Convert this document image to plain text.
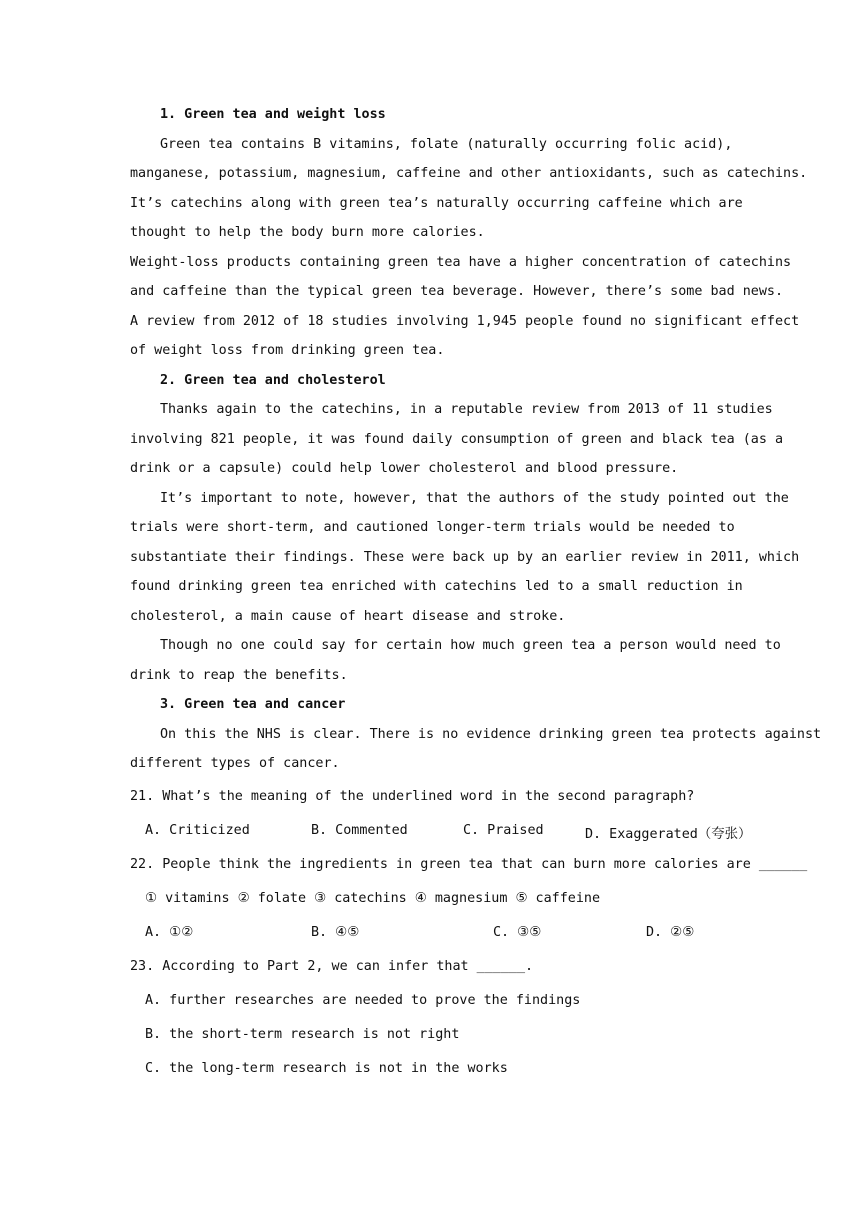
1. Green tea and weight loss
Green tea contains B vitamins, folate (naturally occurring folic acid),
manganese, potassium, magnesium, caffeine and other antioxidants, such as catechins.
It’s catechins along with green tea’s naturally occurring caffeine which are
thought to help the body burn more calories.
Weight-loss products containing green tea have a higher concentration of catechins
and caffeine than the typical green tea beverage. However, there’s some bad news.
A review from 2012 of 18 studies involving 1,945 people found no significant effect
of weight loss from drinking green tea.
2. Green tea and cholesterol
Thanks again to the catechins, in a reputable review from 2013 of 11 studies
involving 821 people, it was found daily consumption of green and black tea (as a
drink or a capsule) could help lower cholesterol and blood pressure.
It’s important to note, however, that the authors of the study pointed out the
trials were short-term, and cautioned longer-term trials would be needed to
substantiate their findings. These were back up by an earlier review in 2011, which
found drinking green tea enriched with catechins led to a small reduction in
cholesterol, a main cause of heart disease and stroke.
Though no one could say for certain how much green tea a person would need to
drink to reap the benefits.
3. Green tea and cancer
On this the NHS is clear. There is no evidence drinking green tea protects against
different types of cancer.
21. What’s the meaning of the underlined word in the second paragraph?
A. Criticized	B. Commented	C. Praised	D. Exaggerated（夸张）
22. People think the ingredients in green tea that can burn more calories are ______
① vitamins ② folate ③ catechins ④ magnesium ⑤ caffeine
A. ①②	B. ④⑤	C. ③⑤	D. ②⑤
23. According to Part 2, we can infer that ______.
A. further researches are needed to prove the findings
B. the short-term research is not right
C. the long-term research is not in the works
